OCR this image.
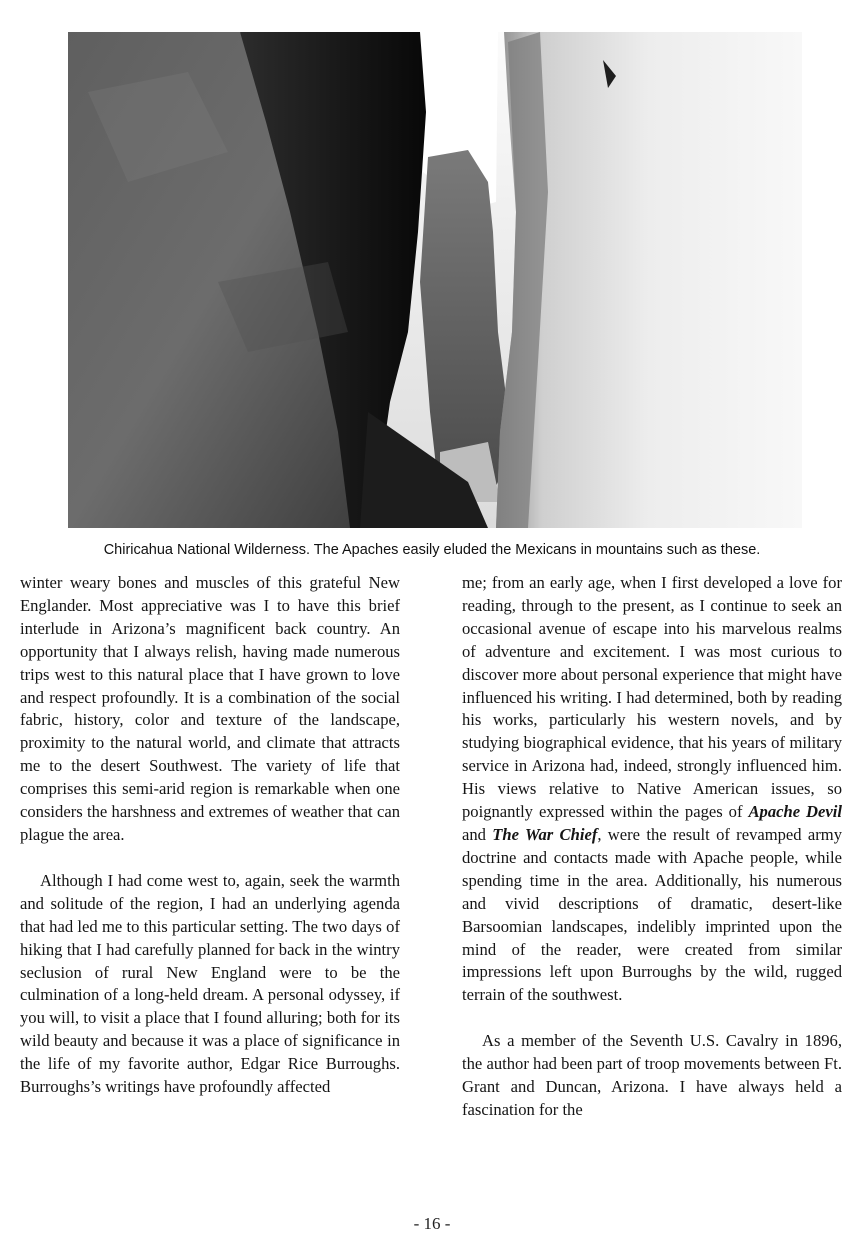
Chiricahua National Wilderness. The Apaches easily eluded the Mexicans in mountains such as these.

winter weary bones and muscles of this grateful New Englander. Most appreciative was I to have this brief interlude in Arizona’s magnificent back country. An opportunity that I always relish, having made numerous trips west to this natural place that I have grown to love and respect profoundly. It is a combination of the social fabric, history, color and texture of the landscape, proximity to the natural world, and climate that attracts me to the desert Southwest. The variety of life that comprises this semi-arid region is remarkable when one considers the harshness and extremes of weather that can plague the area.

Although I had come west to, again, seek the warmth and solitude of the region, I had an underlying agenda that had led me to this particular setting. The two days of hiking that I had carefully planned for back in the wintry seclusion of rural New England were to be the culmination of a long-held dream. A personal odyssey, if you will, to visit a place that I found alluring; both for its wild beauty and because it was a place of significance in the life of my favorite author, Edgar Rice Burroughs. Burroughs’s writings have profoundly affected

me; from an early age, when I first developed a love for reading, through to the present, as I continue to seek an occasional avenue of escape into his marvelous realms of adventure and excitement. I was most curious to discover more about personal experience that might have influenced his writing. I had determined, both by reading his works, particularly his western novels, and by studying biographical evidence, that his years of military service in Arizona had, indeed, strongly influenced him. His views relative to Native American issues, so poignantly expressed within the pages of Apache Devil and The War Chief, were the result of revamped army doctrine and contacts made with Apache people, while spending time in the area. Additionally, his numerous and vivid descriptions of dramatic, desert-like Barsoomian landscapes, indelibly imprinted upon the mind of the reader, were created from similar impressions left upon Burroughs by the wild, rugged terrain of the southwest.

As a member of the Seventh U.S. Cavalry in 1896, the author had been part of troop movements between Ft. Grant and Duncan, Arizona. I have always held a fascination for the

- 16 -
